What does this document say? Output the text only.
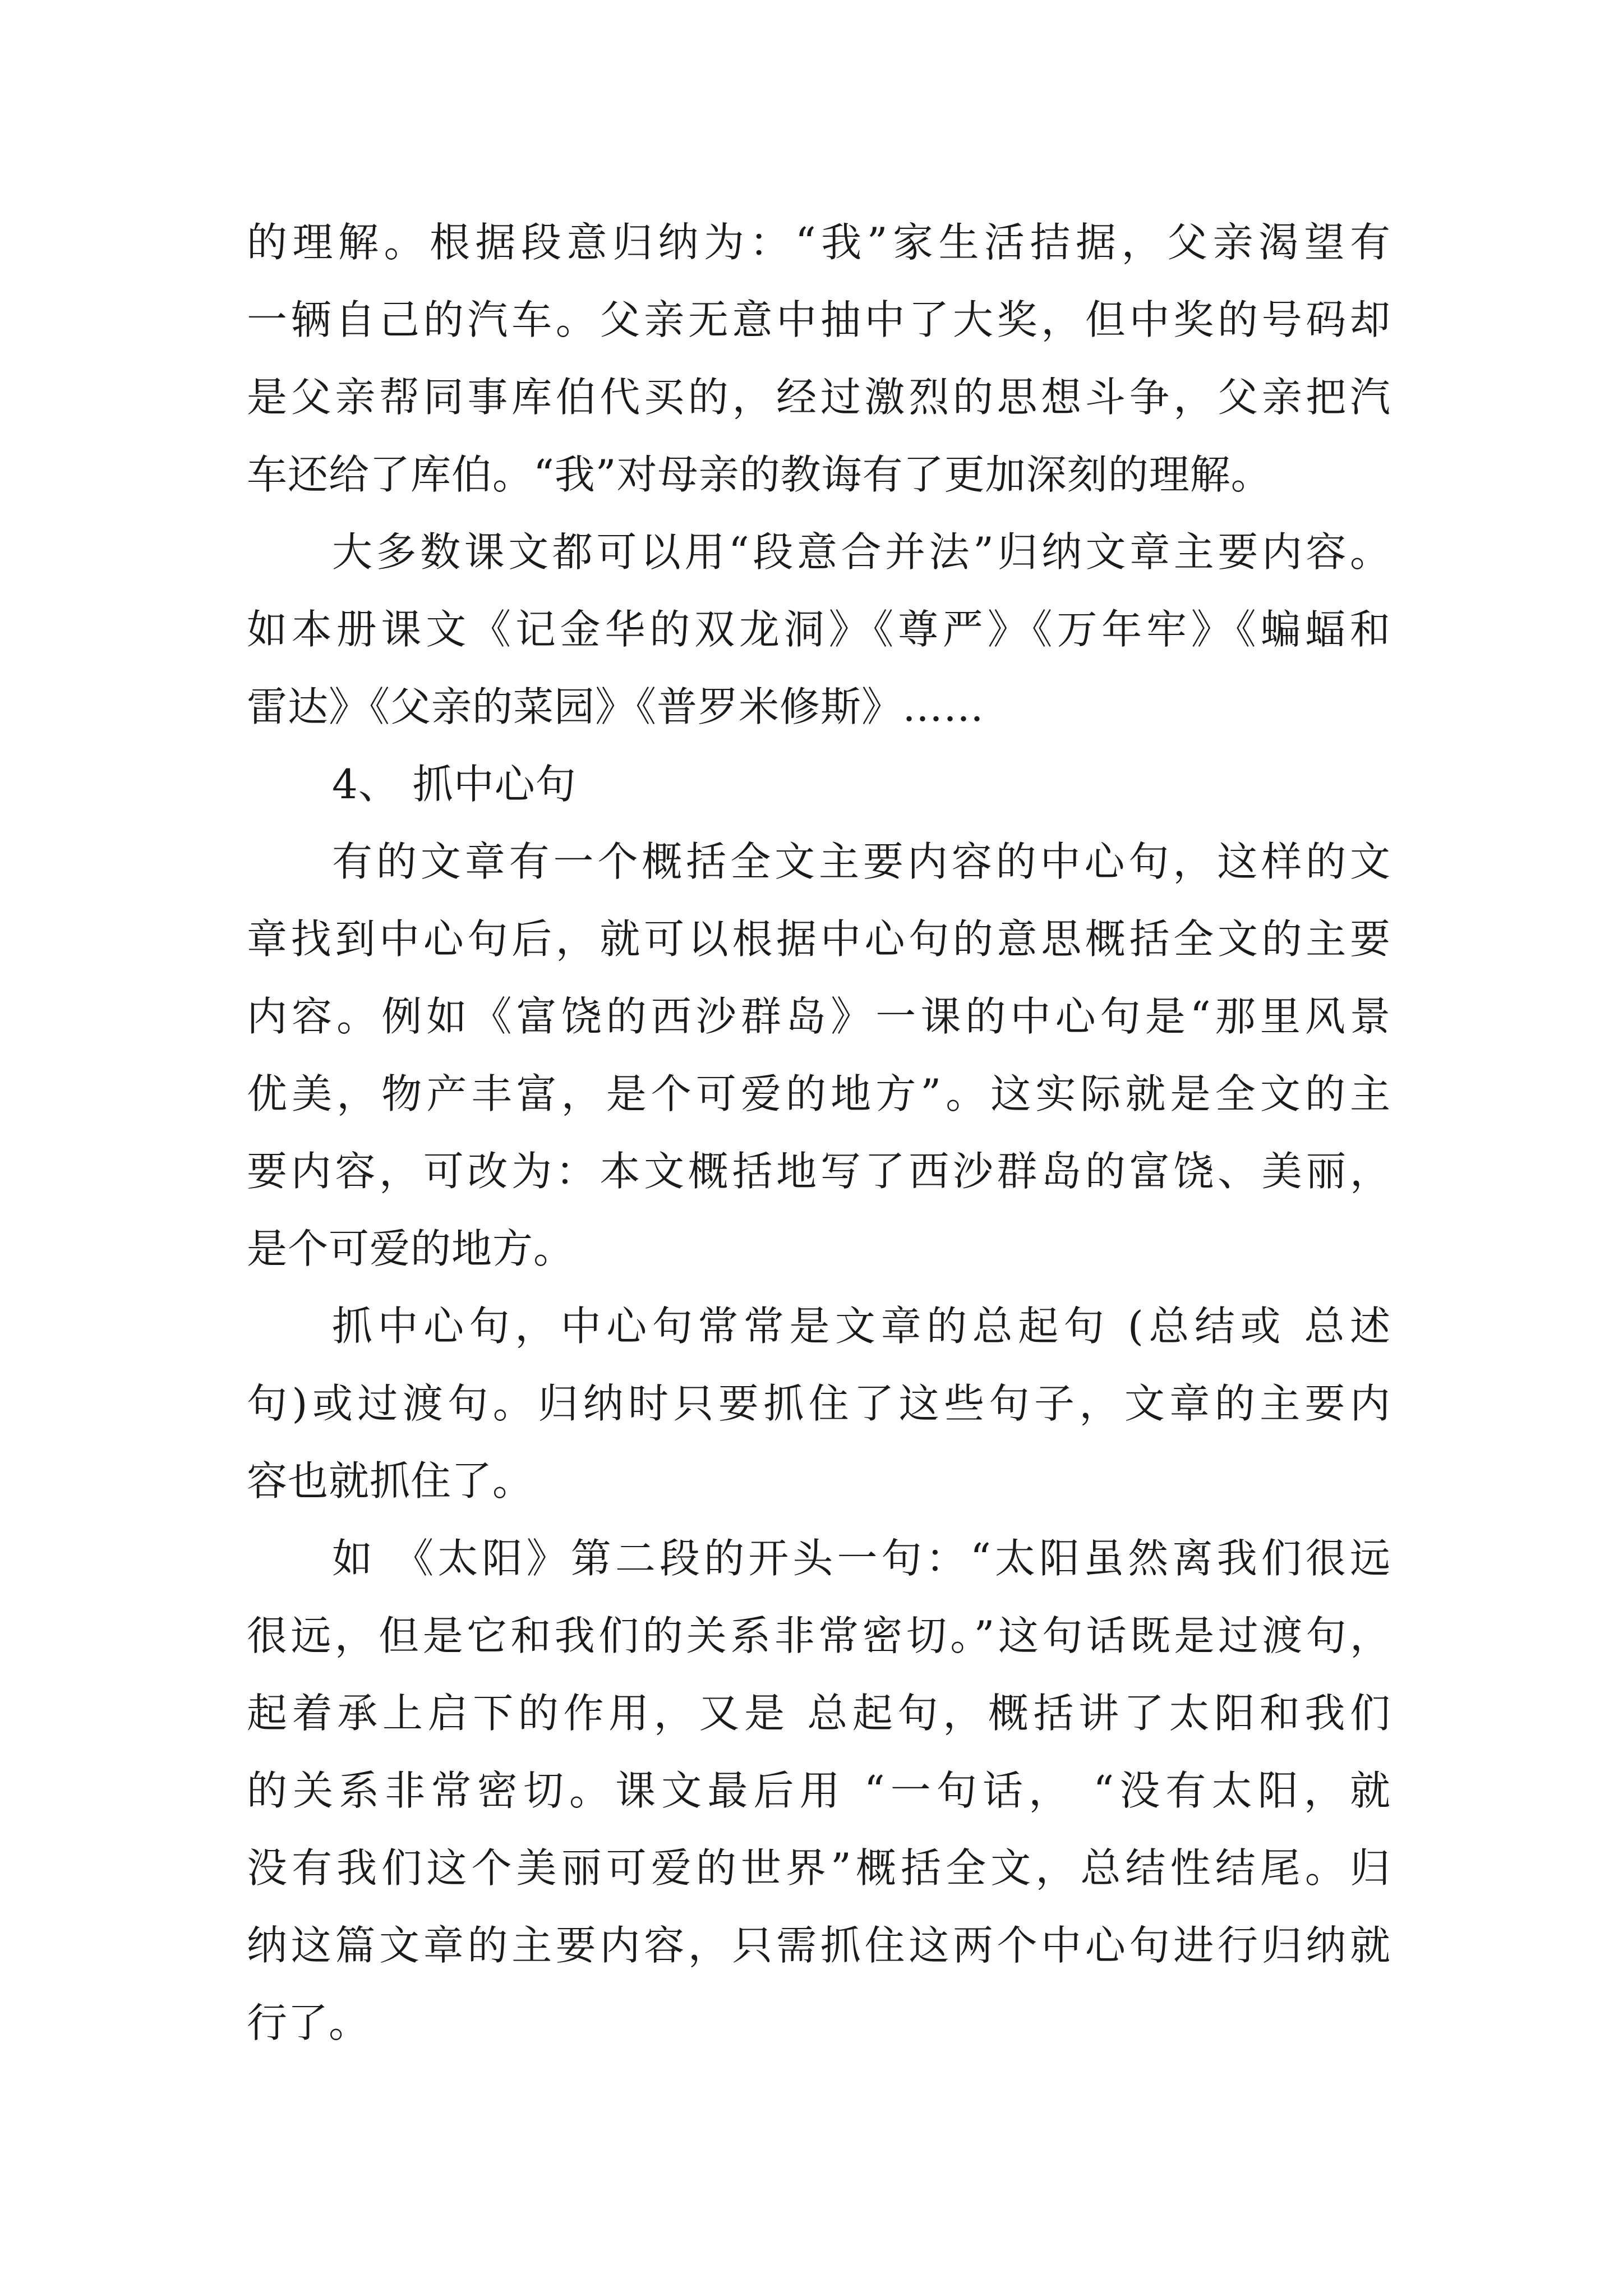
的理解。根据段意归纳为：“我”家生活拮据，父亲渴望有
一辆自己的汽车。父亲无意中抽中了大奖，但中奖的号码却
是父亲帮同事库伯代买的，经过激烈的思想斗争，父亲把汽
车还给了库伯。“我”对母亲的教诲有了更加深刻的理解。
大多数课文都可以用“段意合并法”归纳文章主要内容。
如本册课文《记金华的双龙洞》《尊严》《万年牢》《蝙蝠和
雷达》《父亲的菜园》《普罗米修斯》……
4、 抓中心句
有的文章有一个概括全文主要内容的中心句，这样的文
章找到中心句后，就可以根据中心句的意思概括全文的主要
内容。例如《富饶的西沙群岛》一课的中心句是“那里风景
优美，物产丰富，是个可爱的地方”。这实际就是全文的主
要内容，可改为：本文概括地写了西沙群岛的富饶、美丽，
是个可爱的地方。
抓中心句，中心句常常是文章的总起句 (总结或 总述
句)或过渡句。归纳时只要抓住了这些句子，文章的主要内
容也就抓住了。
如 《太阳》第二段的开头一句：“太阳虽然离我们很远
很远，但是它和我们的关系非常密切。”这句话既是过渡句，
起着承上启下的作用，又是 总起句，概括讲了太阳和我们
的关系非常密切。课文最后用 “一句话， “没有太阳，就
没有我们这个美丽可爱的世界”概括全文，总结性结尾。归
纳这篇文章的主要内容，只需抓住这两个中心句进行归纳就
行了。
